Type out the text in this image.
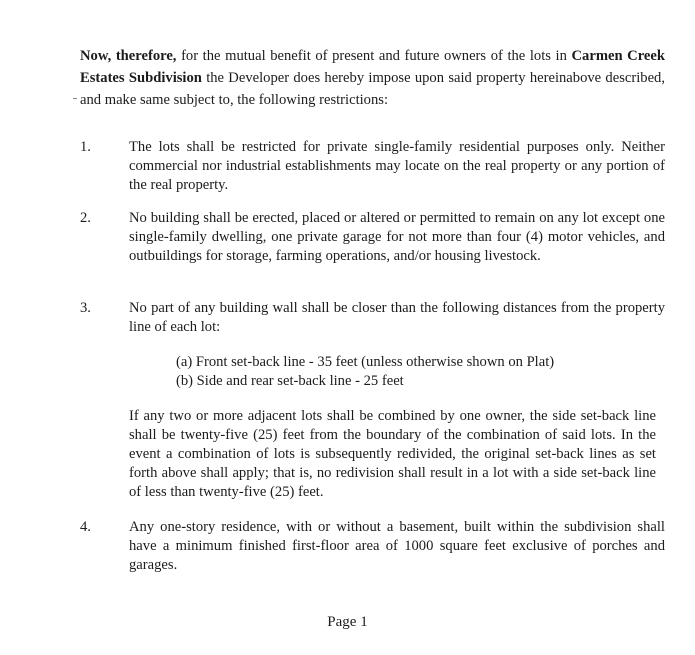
Now, therefore, for the mutual benefit of present and future owners of the lots in Carmen Creek Estates Subdivision the Developer does hereby impose upon said property hereinabove described, and make same subject to, the following restrictions:
1.	The lots shall be restricted for private single-family residential purposes only. Neither commercial nor industrial establishments may locate on the real property or any portion of the real property.
2.	No building shall be erected, placed or altered or permitted to remain on any lot except one single-family dwelling, one private garage for not more than four (4) motor vehicles, and outbuildings for storage, farming operations, and/or housing livestock.
3.	No part of any building wall shall be closer than the following distances from the property line of each lot:
(a) Front set-back line - 35 feet (unless otherwise shown on Plat)
(b) Side and rear set-back line - 25 feet
If any two or more adjacent lots shall be combined by one owner, the side set-back line shall be twenty-five (25) feet from the boundary of the combination of said lots. In the event a combination of lots is subsequently redivided, the original set-back lines as set forth above shall apply; that is, no redivision shall result in a lot with a side set-back line of less than twenty-five (25) feet.
4.	Any one-story residence, with or without a basement, built within the subdivision shall have a minimum finished first-floor area of 1000 square feet exclusive of porches and garages.
Page 1
